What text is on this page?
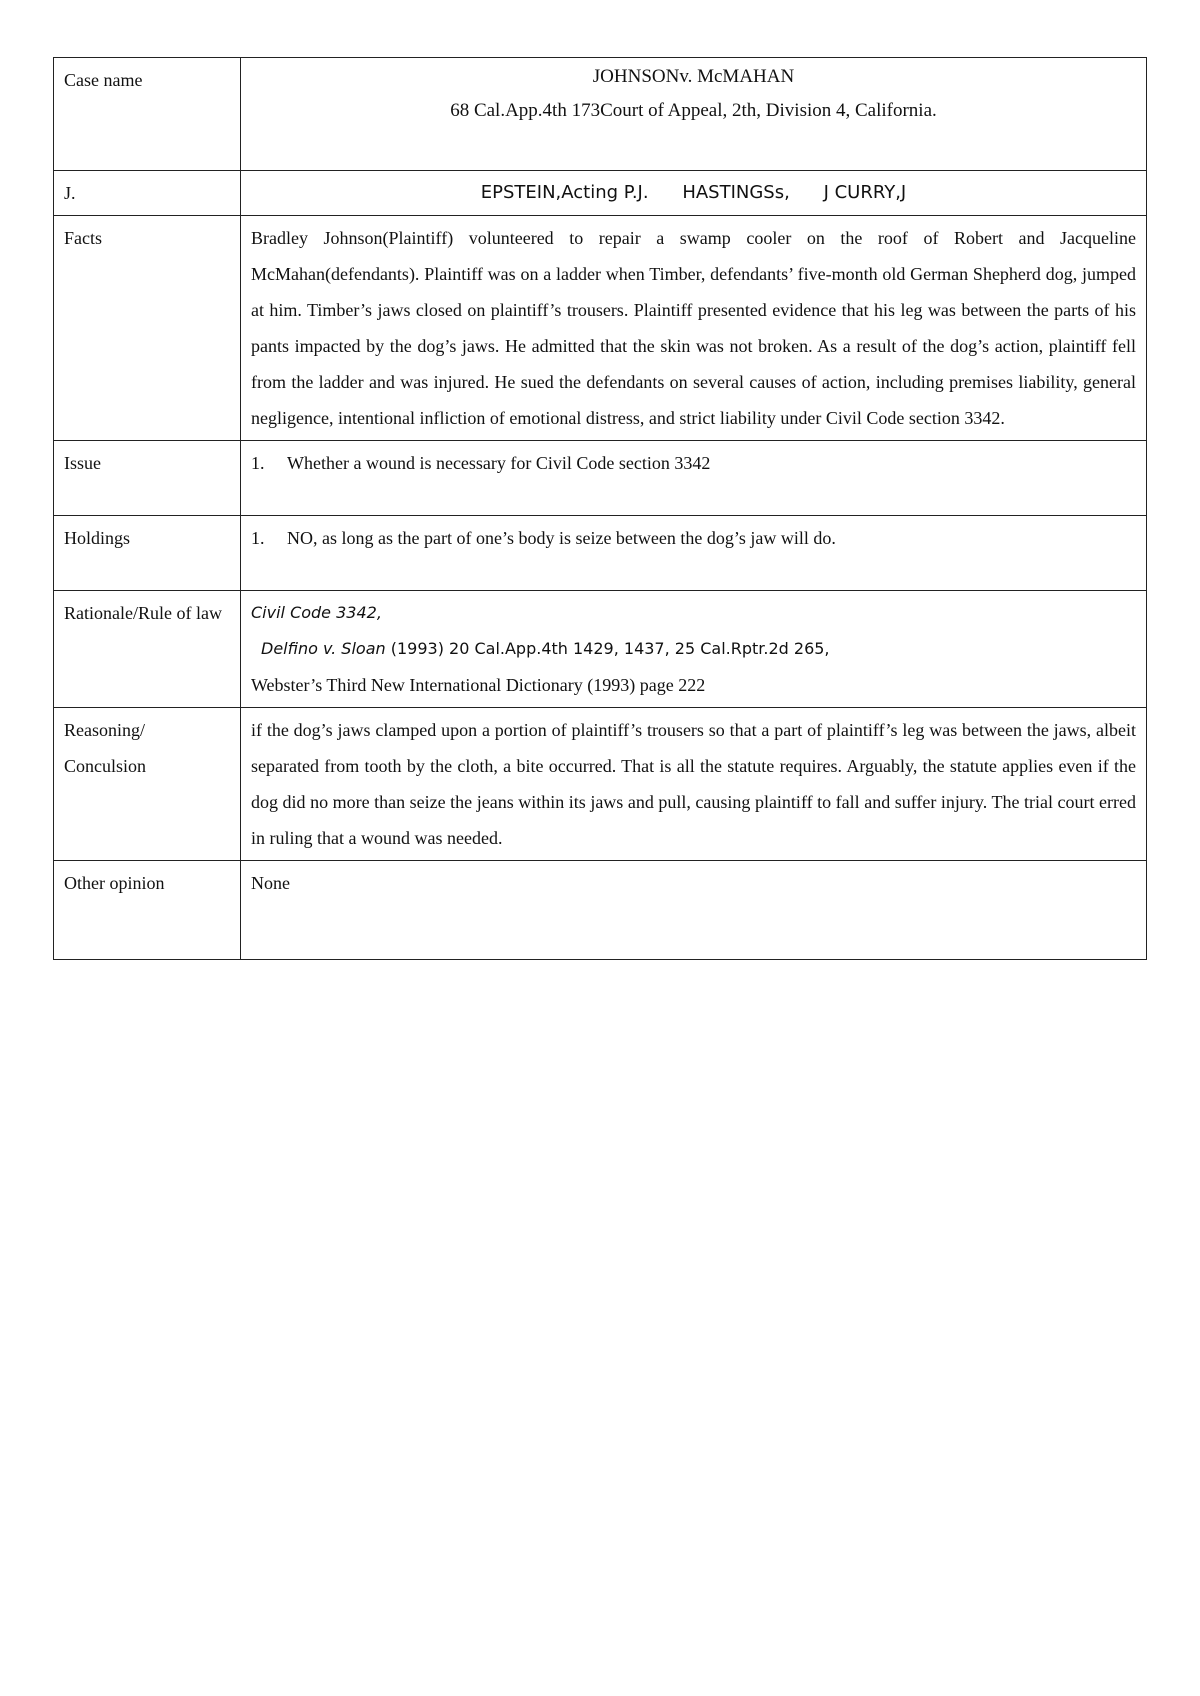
Case name	JOHNSONv. McMAHAN
68 Cal.App.4th 173Court of Appeal, 2th, Division 4, California.

J.	EPSTEIN,Acting P.J. HASTINGSs, J CURRY,J
Facts	Bradley Johnson(Plaintiff) volunteered to repair a swamp cooler on the roof of Robert and Jacqueline McMahan(defendants). Plaintiff was on a ladder when Timber, defendants’ five-month old German Shepherd dog, jumped at him. Timber’s jaws closed on plaintiff’s trousers. Plaintiff presented evidence that his leg was between the parts of his pants impacted by the dog’s jaws. He admitted that the skin was not broken. As a result of the dog’s action, plaintiff fell from the ladder and was injured. He sued the defendants on several causes of action, including premises liability, general negligence, intentional infliction of emotional distress, and strict liability under Civil Code section 3342.
Issue	1. Whether a wound is necessary for Civil Code section 3342
Holdings	1. NO, as long as the part of one’s body is seize between the dog’s jaw will do.
Rationale/Rule of law	Civil Code 3342,
Delfino v. Sloan (1993) 20 Cal.App.4th 1429, 1437, 25 Cal.Rptr.2d 265,
Webster’s Third New International Dictionary (1993) page 222

Reasoning/ Conculsion	if the dog’s jaws clamped upon a portion of plaintiff’s trousers so that a part of plaintiff’s leg was between the jaws, albeit separated from tooth by the cloth, a bite occurred. That is all the statute requires. Arguably, the statute applies even if the dog did no more than seize the jeans within its jaws and pull, causing plaintiff to fall and suffer injury. The trial court erred in ruling that a wound was needed.
Other opinion	None
